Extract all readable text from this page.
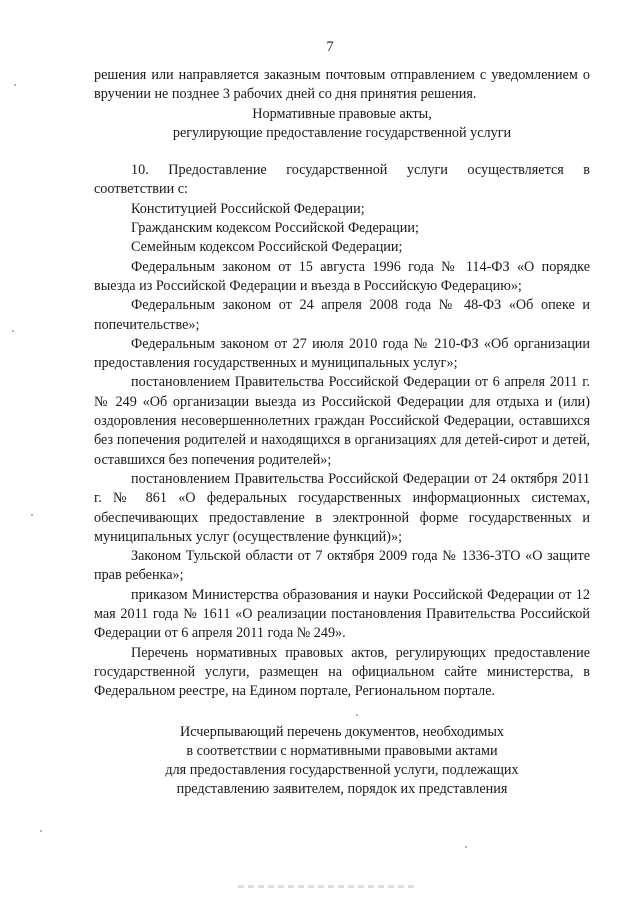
7

решения или направляется заказным почтовым отправлением с уведомлением о вручении не позднее 3 рабочих дней со дня принятия решения.

Нормативные правовые акты,

регулирующие предоставление государственной услуги

10. Предоставление государственной услуги осуществляется в соответствии с:

Конституцией Российской Федерации;

Гражданским кодексом Российской Федерации;

Семейным кодексом Российской Федерации;

Федеральным законом от 15 августа 1996 года № 114-ФЗ «О порядке выезда из Российской Федерации и въезда в Российскую Федерацию»;

Федеральным законом от 24 апреля 2008 года № 48-ФЗ «Об опеке и попечительстве»;

Федеральным законом от 27 июля 2010 года № 210-ФЗ «Об организации предоставления государственных и муниципальных услуг»;

постановлением Правительства Российской Федерации от 6 апреля 2011 г. № 249 «Об организации выезда из Российской Федерации для отдыха и (или) оздоровления несовершеннолетних граждан Российской Федерации, оставшихся без попечения родителей и находящихся в организациях для детей-сирот и детей, оставшихся без попечения родителей»;

постановлением Правительства Российской Федерации от 24 октября 2011 г. № 861 «О федеральных государственных информационных системах, обеспечивающих предоставление в электронной форме государственных и муниципальных услуг (осуществление функций)»;

Законом Тульской области от 7 октября 2009 года № 1336-ЗТО «О защите прав ребенка»;

приказом Министерства образования и науки Российской Федерации от 12 мая 2011 года № 1611 «О реализации постановления Правительства Российской Федерации от 6 апреля 2011 года № 249».

Перечень нормативных правовых актов, регулирующих предоставление государственной услуги, размещен на официальном сайте министерства, в Федеральном реестре, на Едином портале, Региональном портале.

Исчерпывающий перечень документов, необходимых

в соответствии с нормативными правовыми актами

для предоставления государственной услуги, подлежащих

представлению заявителем, порядок их представления
